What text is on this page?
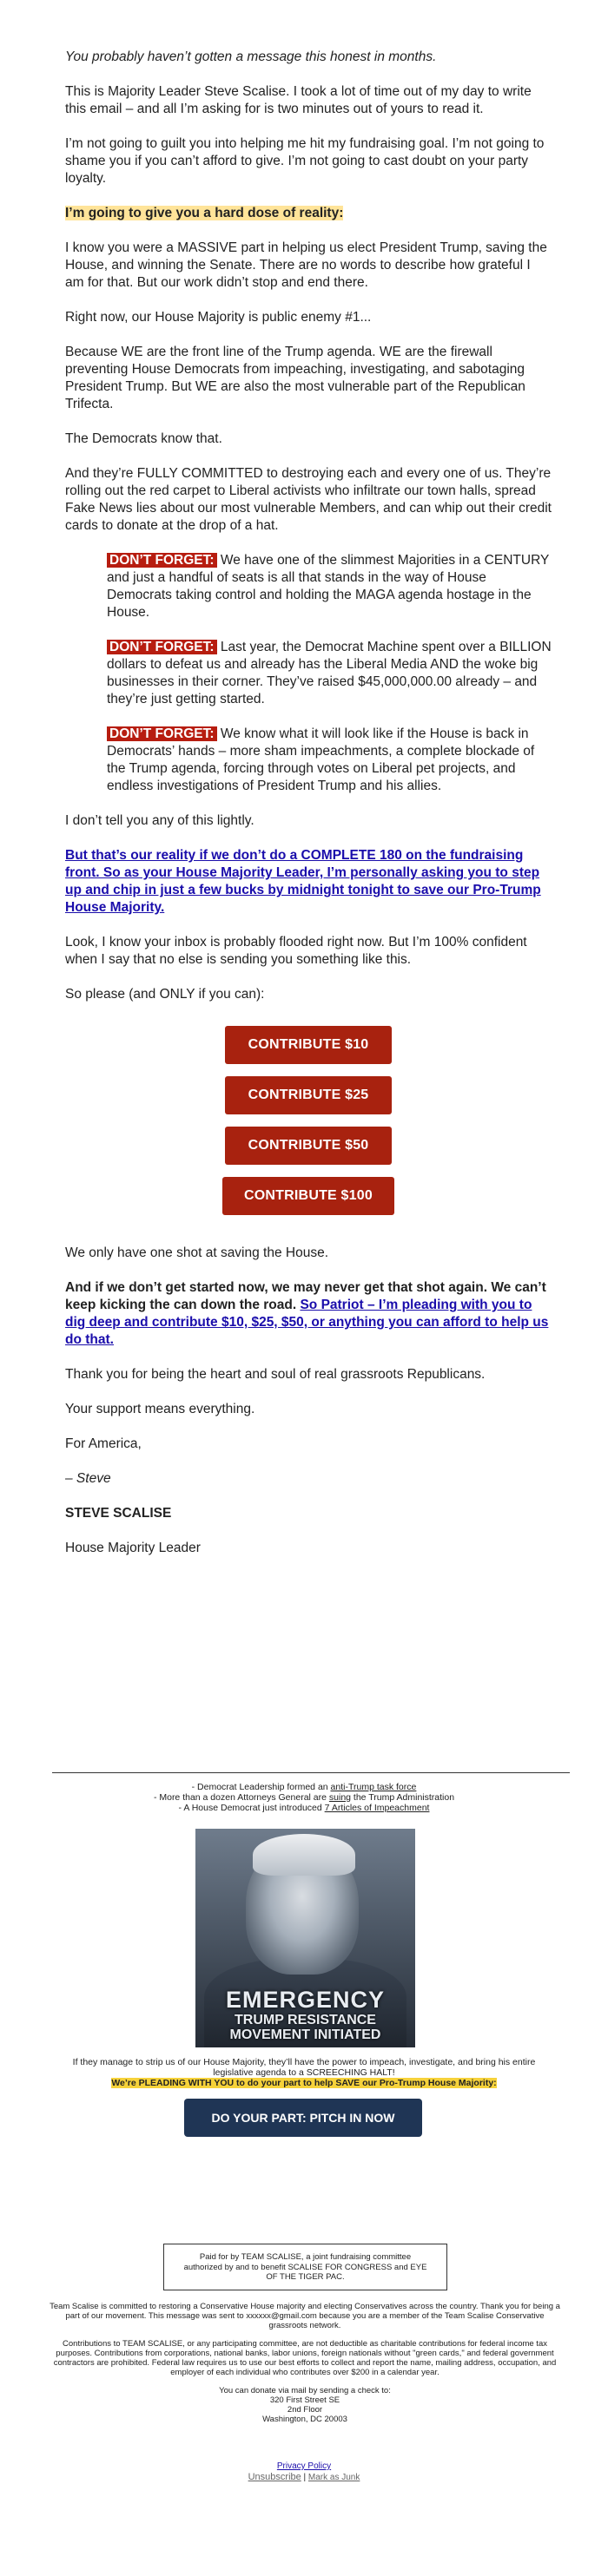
You probably haven’t gotten a message this honest in months.

This is Majority Leader Steve Scalise. I took a lot of time out of my day to write this email – and all I’m asking for is two minutes out of yours to read it.

I’m not going to guilt you into helping me hit my fundraising goal. I’m not going to shame you if you can’t afford to give. I’m not going to cast doubt on your party loyalty.

I’m going to give you a hard dose of reality:

I know you were a MASSIVE part in helping us elect President Trump, saving the House, and winning the Senate. There are no words to describe how grateful I am for that. But our work didn’t stop and end there.

Right now, our House Majority is public enemy #1...

Because WE are the front line of the Trump agenda. WE are the firewall preventing House Democrats from impeaching, investigating, and sabotaging President Trump. But WE are also the most vulnerable part of the Republican Trifecta.

The Democrats know that.

And they’re FULLY COMMITTED to destroying each and every one of us. They’re rolling out the red carpet to Liberal activists who infiltrate our town halls, spread Fake News lies about our most vulnerable Members, and can whip out their credit cards to donate at the drop of a hat.

DON’T FORGET: We have one of the slimmest Majorities in a CENTURY and just a handful of seats is all that stands in the way of House Democrats taking control and holding the MAGA agenda hostage in the House.

DON’T FORGET: Last year, the Democrat Machine spent over a BILLION dollars to defeat us and already has the Liberal Media AND the woke big businesses in their corner. They’ve raised $45,000,000.00 already – and they’re just getting started.

DON’T FORGET: We know what it will look like if the House is back in Democrats’ hands – more sham impeachments, a complete blockade of the Trump agenda, forcing through votes on Liberal pet projects, and endless investigations of President Trump and his allies.

I don’t tell you any of this lightly.

But that’s our reality if we don’t do a COMPLETE 180 on the fundraising front. So as your House Majority Leader, I’m personally asking you to step up and chip in just a few bucks by midnight tonight to save our Pro-Trump House Majority.

Look, I know your inbox is probably flooded right now. But I’m 100% confident when I say that no else is sending you something like this.

So please (and ONLY if you can):

CONTRIBUTE $10
CONTRIBUTE $25
CONTRIBUTE $50
CONTRIBUTE $100

We only have one shot at saving the House.

And if we don’t get started now, we may never get that shot again. We can’t keep kicking the can down the road. So Patriot – I’m pleading with you to dig deep and contribute $10, $25, $50, or anything you can afford to help us do that.

Thank you for being the heart and soul of real grassroots Republicans.

Your support means everything.

For America,

– Steve

STEVE SCALISE

House Majority Leader

- Democrat Leadership formed an anti-Trump task force
- More than a dozen Attorneys General are suing the Trump Administration
- A House Democrat just introduced 7 Articles of Impeachment
EMERGENCY
TRUMP RESISTANCE
MOVEMENT INITIATED
If they manage to strip us of our House Majority, they’ll have the power to impeach, investigate, and bring his entire legislative agenda to a SCREECHING HALT!
We’re PLEADING WITH YOU to do your part to help SAVE our Pro-Trump House Majority:
DO YOUR PART: PITCH IN NOW
Paid for by TEAM SCALISE, a joint fundraising committee authorized by and to benefit SCALISE FOR CONGRESS and EYE OF THE TIGER PAC.

Team Scalise is committed to restoring a Conservative House majority and electing Conservatives across the country. Thank you for being a part of our movement. This message was sent to xxxxxx@gmail.com because you are a member of the Team Scalise Conservative grassroots network.

Contributions to TEAM SCALISE, or any participating committee, are not deductible as charitable contributions for federal income tax purposes. Contributions from corporations, national banks, labor unions, foreign nationals without "green cards," and federal government contractors are prohibited. Federal law requires us to use our best efforts to collect and report the name, mailing address, occupation, and employer of each individual who contributes over $200 in a calendar year.

You can donate via mail by sending a check to:
320 First Street SE
2nd Floor
Washington, DC 20003
Privacy Policy
Unsubscribe | Mark as Junk
